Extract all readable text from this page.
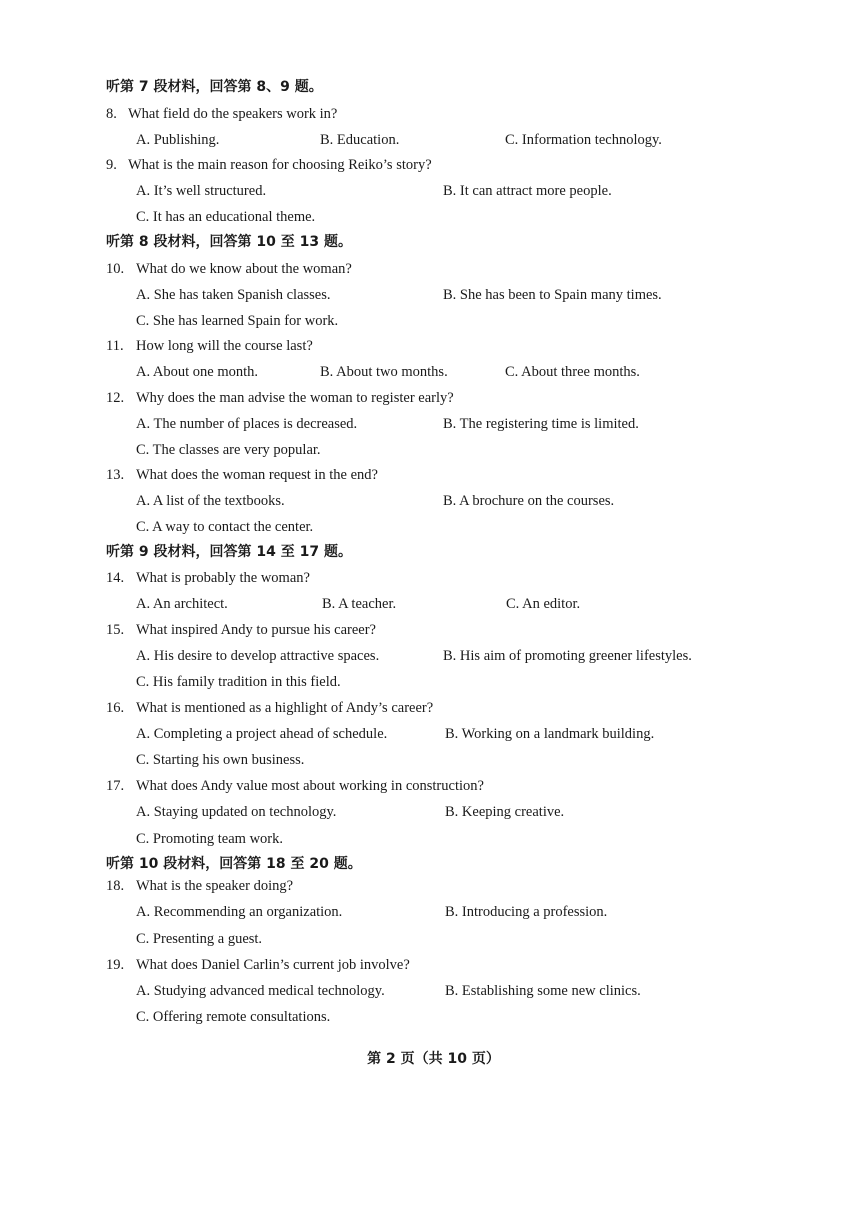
听第 7 段材料，回答第 8、9 题。
8. What field do the speakers work in?
A. Publishing.	B. Education.	C. Information technology.
9. What is the main reason for choosing Reiko’s story?
A. It’s well structured.	B. It can attract more people.
C. It has an educational theme.
听第 8 段材料，回答第 10 至 13 题。
10. What do we know about the woman?
A. She has taken Spanish classes.	B. She has been to Spain many times.
C. She has learned Spain for work.
11. How long will the course last?
A. About one month.	B. About two months.	C. About three months.
12. Why does the man advise the woman to register early?
A. The number of places is decreased.	B. The registering time is limited.
C. The classes are very popular.
13. What does the woman request in the end?
A. A list of the textbooks.	B. A brochure on the courses.
C. A way to contact the center.
听第 9 段材料，回答第 14 至 17 题。
14. What is probably the woman?
A. An architect.	B. A teacher.	C. An editor.
15. What inspired Andy to pursue his career?
A. His desire to develop attractive spaces.	B. His aim of promoting greener lifestyles.
C. His family tradition in this field.
16. What is mentioned as a highlight of Andy’s career?
A. Completing a project ahead of schedule.	B. Working on a landmark building.
C. Starting his own business.
17. What does Andy value most about working in construction?
A. Staying updated on technology.	B. Keeping creative.
C. Promoting team work.
听第 10 段材料，回答第 18 至 20 题。
18. What is the speaker doing?
A. Recommending an organization.	B. Introducing a profession.
C. Presenting a guest.
19. What does Daniel Carlin’s current job involve?
A. Studying advanced medical technology.	B. Establishing some new clinics.
C. Offering remote consultations.
第 2 页（共 10 页）
